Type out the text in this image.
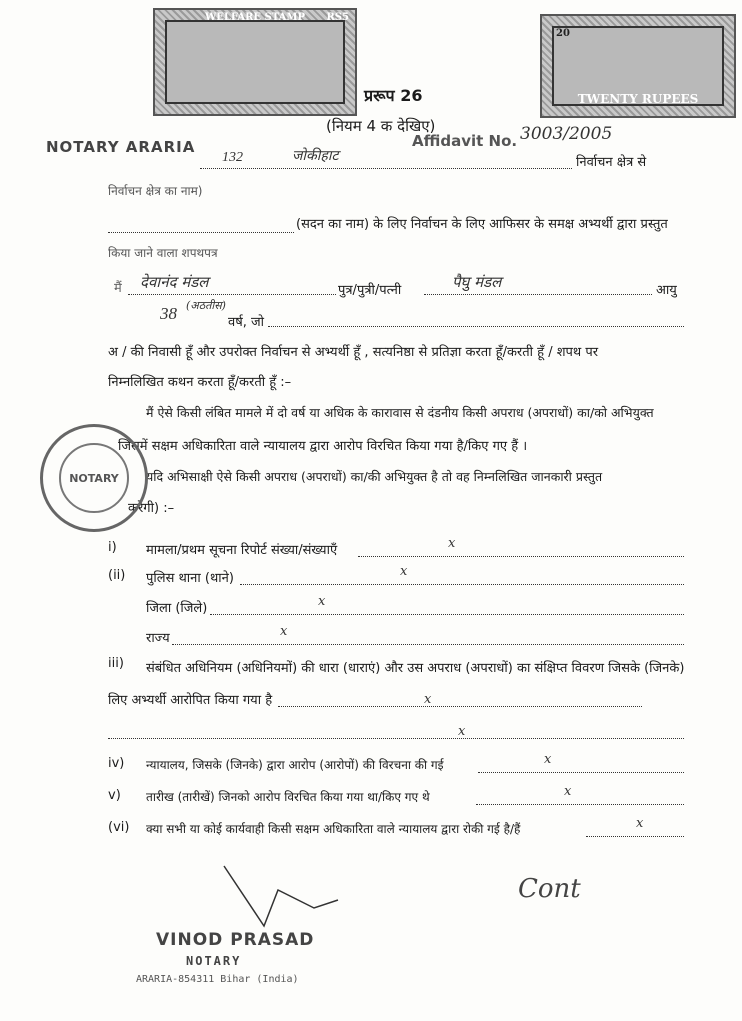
WELFARE STAMP	RS5
20
TWENTY RUPEES
प्ररूप 26
(नियम 4 क देखिए)
Affidavit No. 3003/2005
NOTARY ARARIA
132	जोकीहाट	निर्वाचन क्षेत्र से
निर्वाचन क्षेत्र का नाम)
(सदन का नाम) के लिए निर्वाचन के लिए आफिसर के समक्ष अभ्यर्थी द्वारा प्रस्तुत
किया जाने वाला शपथपत्र
मैं देवानंद मंडल	पुत्र/पुत्री/पत्नी	पैघु मंडल	आयु
38 (अठतीस)
वर्ष, जो
अ / की निवासी हूँ और उपरोक्त निर्वाचन से अभ्यर्थी हूँ , सत्यनिष्ठा से प्रतिज्ञा करता हूँ/करती हूँ / शपथ पर
निम्नलिखित कथन करता हूँ/करती हूँ :–
मैं ऐसे किसी लंबित मामले में दो वर्ष या अधिक के कारावास से दंडनीय किसी अपराध (अपराधों) का/को अभियुक्त
जिसमें सक्षम अधिकारिता वाले न्यायालय द्वारा आरोप विरचित किया गया है/किए गए हैं ।
यदि अभिसाक्षी ऐसे किसी अपराध (अपराधों) का/की अभियुक्त है तो वह निम्नलिखित जानकारी प्रस्तुत
करेगी) :–
i) मामला/प्रथम सूचना रिपोर्ट संख्या/संख्याएँ	x
(ii) पुलिस थाना (थाने)	x
जिला (जिले)	x
राज्य	x
iii) संबंधित अधिनियम (अधिनियमों) की धारा (धाराएं) और उस अपराध (अपराधों) का संक्षिप्त विवरण जिसके (जिनके)
लिए अभ्यर्थी आरोपित किया गया है	x
x
iv) न्यायालय, जिसके (जिनके) द्वारा आरोप (आरोपों) की विरचना की गई	x
v) तारीख (तारीखें) जिनको आरोप विरचित किया गया था/किए गए थे	x
(vi) क्या सभी या कोई कार्यवाही किसी सक्षम अधिकारिता वाले न्यायालय द्वारा रोकी गई है/हैं	x
NOTARY
VINOD PRASAD
NOTARY
ARARIA-854311 Bihar (India)
Cont
